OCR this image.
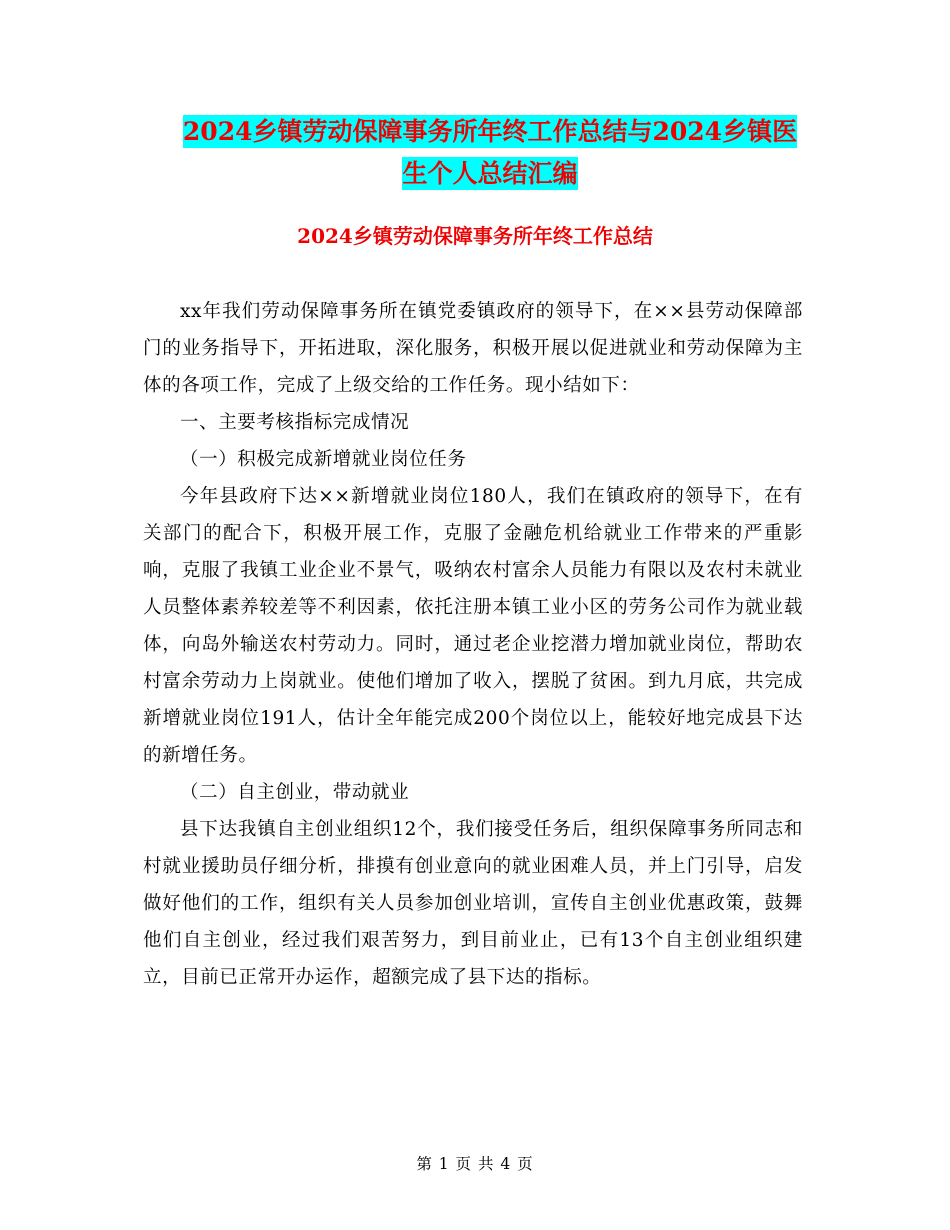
2024乡镇劳动保障事务所年终工作总结与2024乡镇医
生个人总结汇编
2024乡镇劳动保障事务所年终工作总结

xx年我们劳动保障事务所在镇党委镇政府的领导下，在××县劳动保障部门的业务指导下，开拓进取，深化服务，积极开展以促进就业和劳动保障为主体的各项工作，完成了上级交给的工作任务。现小结如下：

一、主要考核指标完成情况

（一）积极完成新增就业岗位任务

今年县政府下达××新增就业岗位180人，我们在镇政府的领导下，在有关部门的配合下，积极开展工作，克服了金融危机给就业工作带来的严重影响，克服了我镇工业企业不景气，吸纳农村富余人员能力有限以及农村未就业人员整体素养较差等不利因素，依托注册本镇工业小区的劳务公司作为就业载体，向岛外输送农村劳动力。同时，通过老企业挖潜力增加就业岗位，帮助农村富余劳动力上岗就业。使他们增加了收入，摆脱了贫困。到九月底，共完成新增就业岗位191人，估计全年能完成200个岗位以上，能较好地完成县下达的新增任务。

（二）自主创业，带动就业

县下达我镇自主创业组织12个，我们接受任务后，组织保障事务所同志和村就业援助员仔细分析，排摸有创业意向的就业困难人员，并上门引导，启发做好他们的工作，组织有关人员参加创业培训，宣传自主创业优惠政策，鼓舞他们自主创业，经过我们艰苦努力，到目前业止，已有13个自主创业组织建立，目前已正常开办运作，超额完成了县下达的指标。

第 1 页 共 4 页
